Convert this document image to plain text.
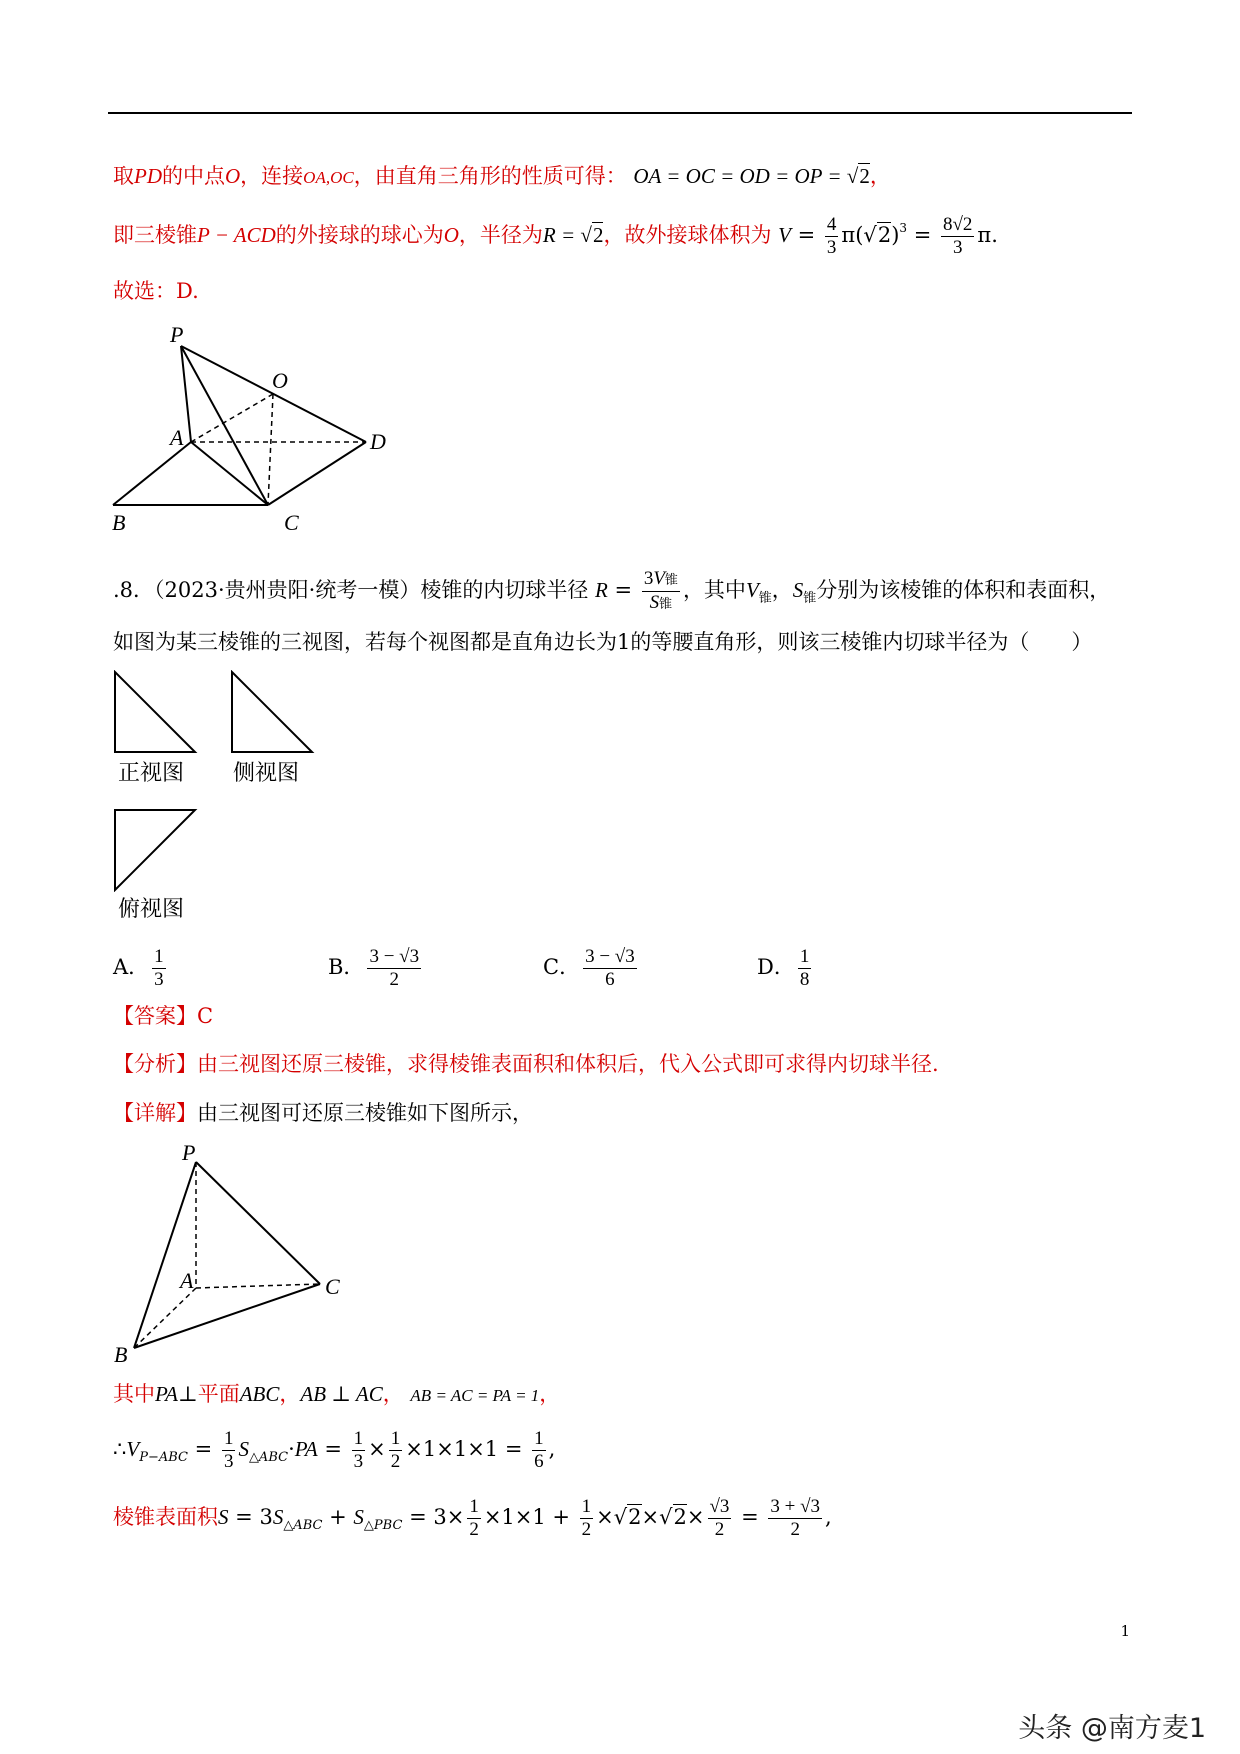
取PD的中点O，连接OA,OC，由直角三角形的性质可得： OA = OC = OD = OP = √2，
即三棱锥P − ACD的外接球的球心为O，半径为R = √2，故外接球体积为 $V = \frac{4}{3} \pi(√2)^3 = \frac{8√2}{3} \pi$.
故选：D.
P
O
A	D
B	C
.8．（2023·贵州贵阳·统考一模）棱锥的内切球半径 $R = \frac{\text{3V锥}}{\text{S锥}}$ ，其中$V_锥$，$S_锥$分别为该棱锥的体积和表面积，
如图为某三棱锥的三视图，若每个视图都是直角边长为1的等腰直角形，则该三棱锥内切球半径为（　　）
正视图 侧视图
俯视图
A． $\frac{1}{3}$	B． $\frac{3 - √3}{2}$	C． $\frac{3 - √3}{6}$	D． $\frac{1}{8}$
【答案】C
【分析】由三视图还原三棱锥，求得棱锥表面积和体积后，代入公式即可求得内切球半径.
【详解】由三视图可还原三棱锥如下图所示，
P
A	C
B
其中PA⊥平面ABC，AB ⊥ AC， AB = AC = PA = 1，
$\therefore V_{P-ABC} = \frac{1}{3} S_{\triangle ABC}\cdot PA = \frac{1}{3} \times \frac{1}{2} \times 1\times 1\times 1 = \frac{1}{6}$ ,
棱锥表面积$S = 3S_{\triangle ABC} + S_{\triangle PBC} = 3\times \frac{1}{2} \times 1\times 1 + \frac{1}{2} \times√2\times√2\times \frac{√3}{2} = \frac{3 + √3}{2}$ ,
1
头条 @南方麦1
